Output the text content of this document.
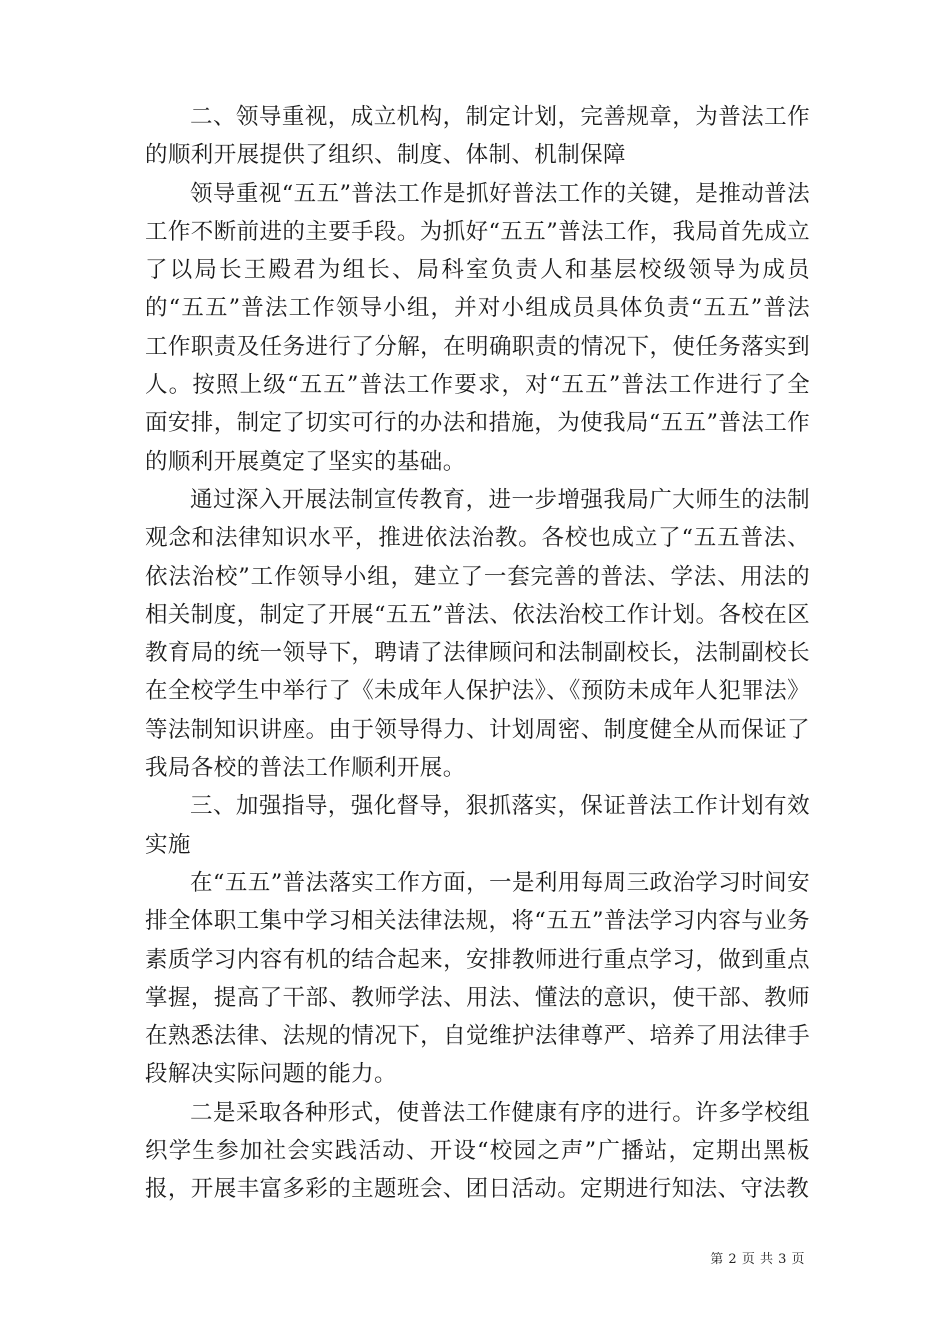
二、领导重视，成立机构，制定计划，完善规章，为普法工作的顺利开展提供了组织、制度、体制、机制保障

领导重视“五五”普法工作是抓好普法工作的关键，是推动普法工作不断前进的主要手段。为抓好“五五”普法工作，我局首先成立了以局长王殿君为组长、局科室负责人和基层校级领导为成员的“五五”普法工作领导小组，并对小组成员具体负责“五五”普法工作职责及任务进行了分解，在明确职责的情况下，使任务落实到人。按照上级“五五”普法工作要求，对“五五”普法工作进行了全面安排，制定了切实可行的办法和措施，为使我局“五五”普法工作的顺利开展奠定了坚实的基础。

通过深入开展法制宣传教育，进一步增强我局广大师生的法制观念和法律知识水平，推进依法治教。各校也成立了“五五普法、依法治校”工作领导小组，建立了一套完善的普法、学法、用法的相关制度，制定了开展“五五”普法、依法治校工作计划。各校在区教育局的统一领导下，聘请了法律顾问和法制副校长，法制副校长在全校学生中举行了《未成年人保护法》、《预防未成年人犯罪法》等法制知识讲座。由于领导得力、计划周密、制度健全从而保证了我局各校的普法工作顺利开展。

三、加强指导，强化督导，狠抓落实，保证普法工作计划有效实施

在“五五”普法落实工作方面，一是利用每周三政治学习时间安排全体职工集中学习相关法律法规，将“五五”普法学习内容与业务素质学习内容有机的结合起来，安排教师进行重点学习，做到重点掌握，提高了干部、教师学法、用法、懂法的意识，使干部、教师在熟悉法律、法规的情况下，自觉维护法律尊严、培养了用法律手段解决实际问题的能力。

二是采取各种形式，使普法工作健康有序的进行。许多学校组织学生参加社会实践活动、开设“校园之声”广播站，定期出黑板报，开展丰富多彩的主题班会、团日活动。定期进行知法、守法教

第 2 页 共 3 页
